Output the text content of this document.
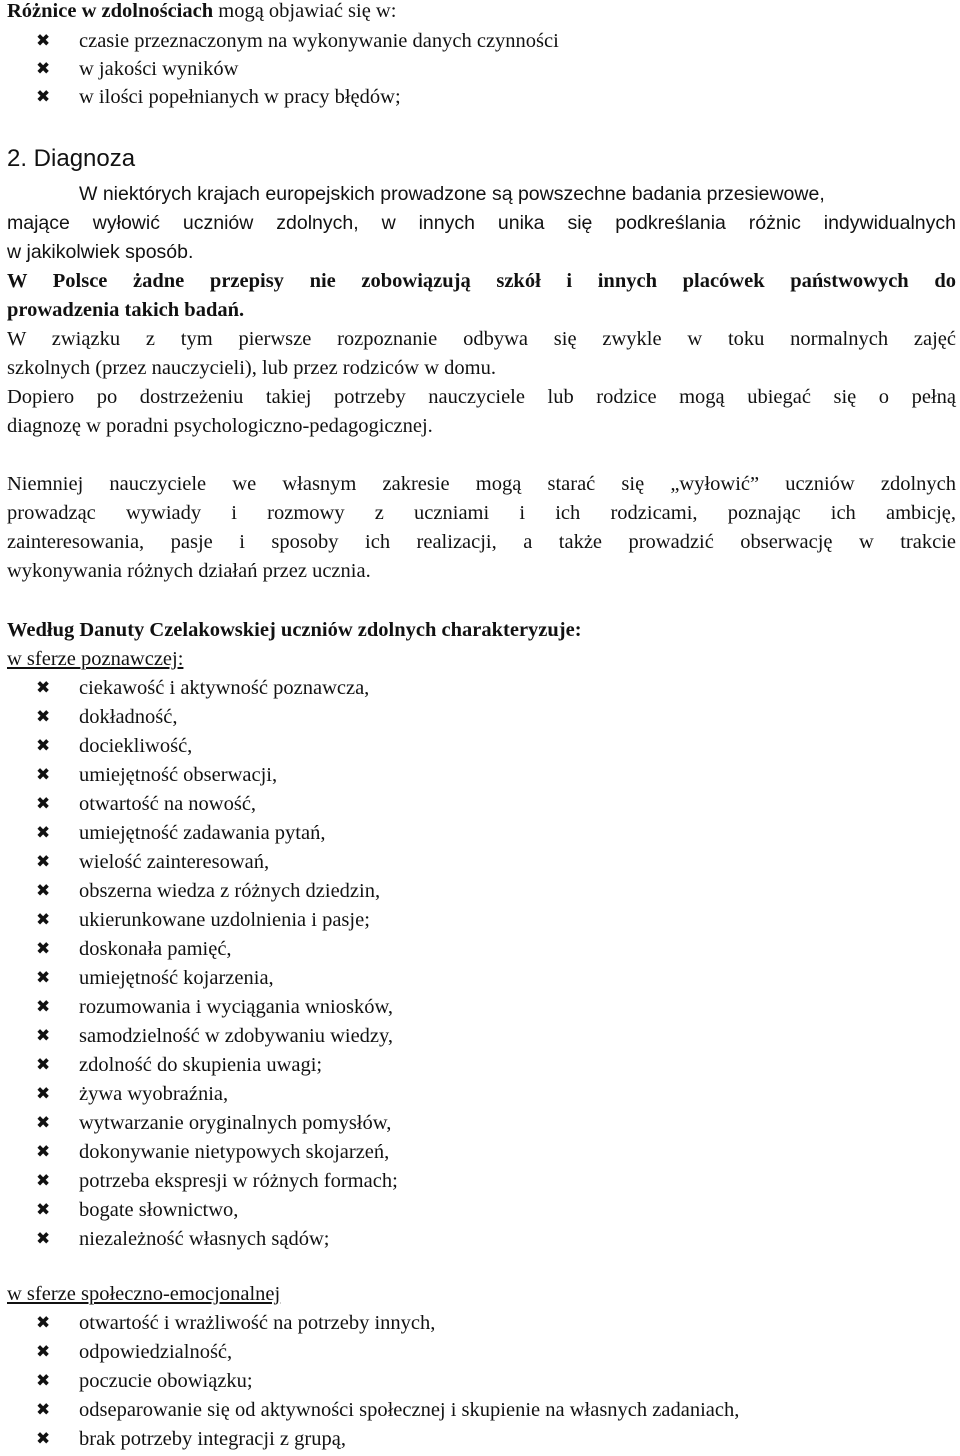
Różnice w zdolnościach mogą objawiać się w:
✖ czasie przeznaczonym na wykonywanie danych czynności
✖ w jakości wyników
✖ w ilości popełnianych w pracy błędów;
2. Diagnoza
W niektórych krajach europejskich prowadzone są powszechne badania przesiewowe,
mające wyłowić uczniów zdolnych, w innych unika się podkreślania różnic indywidualnych
w jakikolwiek sposób.
W Polsce żadne przepisy nie zobowiązują szkół i innych placówek państwowych do
prowadzenia takich badań.
W związku z tym pierwsze rozpoznanie odbywa się zwykle w toku normalnych zajęć
szkolnych (przez nauczycieli), lub przez rodziców w domu.
Dopiero po dostrzeżeniu takiej potrzeby nauczyciele lub rodzice mogą ubiegać się o pełną
diagnozę w poradni psychologiczno-pedagogicznej.
Niemniej nauczyciele we własnym zakresie mogą starać się „wyłowić” uczniów zdolnych
prowadząc wywiady i rozmowy z uczniami i ich rodzicami, poznając ich ambicję,
zainteresowania, pasje i sposoby ich realizacji, a także prowadzić obserwację w trakcie
wykonywania różnych działań przez ucznia.
Według Danuty Czelakowskiej uczniów zdolnych charakteryzuje:
w sferze poznawczej:
✖ ciekawość i aktywność poznawcza,
✖ dokładność,
✖ dociekliwość,
✖ umiejętność obserwacji,
✖ otwartość na nowość,
✖ umiejętność zadawania pytań,
✖ wielość zainteresowań,
✖ obszerna wiedza z różnych dziedzin,
✖ ukierunkowane uzdolnienia i pasje;
✖ doskonała pamięć,
✖ umiejętność kojarzenia,
✖ rozumowania i wyciągania wniosków,
✖ samodzielność w zdobywaniu wiedzy,
✖ zdolność do skupienia uwagi;
✖ żywa wyobraźnia,
✖ wytwarzanie oryginalnych pomysłów,
✖ dokonywanie nietypowych skojarzeń,
✖ potrzeba ekspresji w różnych formach;
✖ bogate słownictwo,
✖ niezależność własnych sądów;
w sferze społeczno-emocjonalnej
✖ otwartość i wrażliwość na potrzeby innych,
✖ odpowiedzialność,
✖ poczucie obowiązku;
✖ odseparowanie się od aktywności społecznej i skupienie na własnych zadaniach,
✖ brak potrzeby integracji z grupą,
